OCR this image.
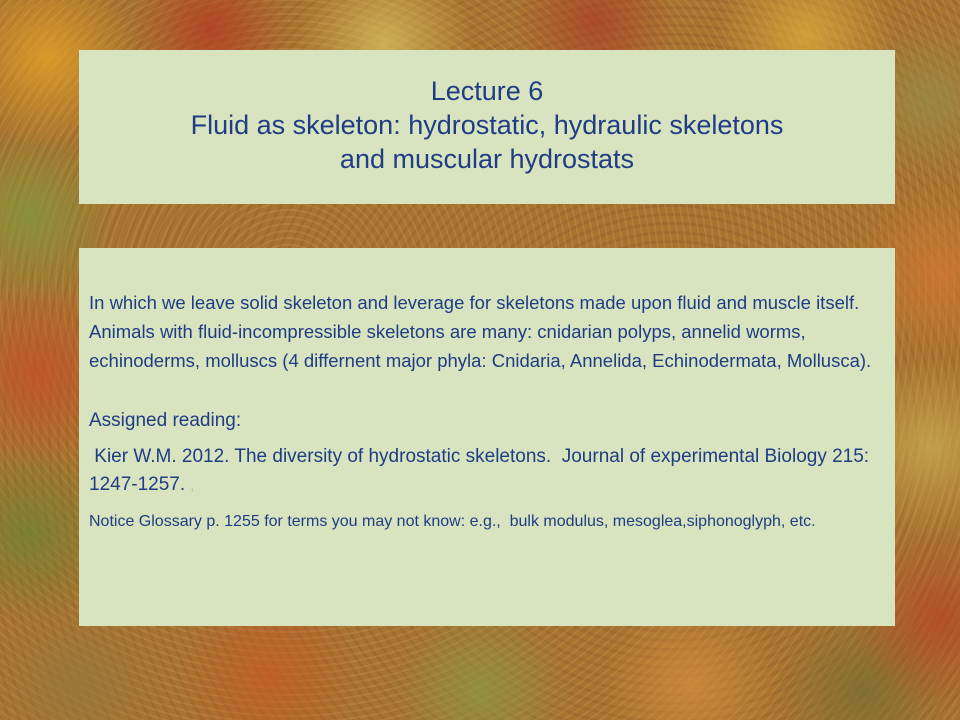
Lecture 6
Fluid as skeleton: hydrostatic, hydraulic skeletons
and muscular hydrostats

In which we leave solid skeleton and leverage for skeletons made upon fluid and muscle itself.  Animals with fluid-incompressible skeletons are many: cnidarian polyps, annelid worms, echinoderms, molluscs (4 differnent major phyla: Cnidaria, Annelida, Echinodermata, Mollusca).

Assigned reading:

Kier W.M. 2012. The diversity of hydrostatic skeletons.  Journal of experimental Biology 215: 1247-1257. ,

Notice Glossary p. 1255 for terms you may not know: e.g.,  bulk modulus, mesoglea,siphonoglyph, etc.
